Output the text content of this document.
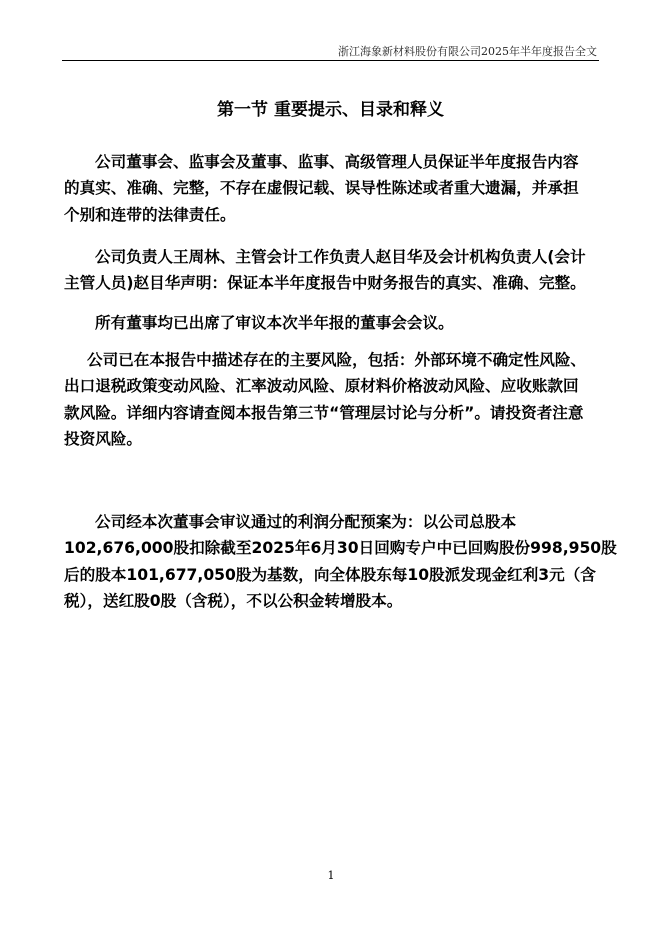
浙江海象新材料股份有限公司2025年半年度报告全文
第一节 重要提示、目录和释义
公司董事会、监事会及董事、监事、高级管理人员保证半年度报告内容
的真实、准确、完整，不存在虚假记载、误导性陈述或者重大遗漏，并承担
个别和连带的法律责任。
公司负责人王周林、主管会计工作负责人赵目华及会计机构负责人(会计
主管人员)赵目华声明：保证本半年度报告中财务报告的真实、准确、完整。
所有董事均已出席了审议本次半年报的董事会会议。
公司已在本报告中描述存在的主要风险，包括：外部环境不确定性风险、
出口退税政策变动风险、汇率波动风险、原材料价格波动风险、应收账款回
款风险。详细内容请查阅本报告第三节“管理层讨论与分析”。请投资者注意
投资风险。
公司经本次董事会审议通过的利润分配预案为：以公司总股本
102,676,000股扣除截至2025年6月30日回购专户中已回购股份998,950股
后的股本101,677,050股为基数，向全体股东每10股派发现金红利3元（含
税），送红股0股（含税），不以公积金转增股本。
1
